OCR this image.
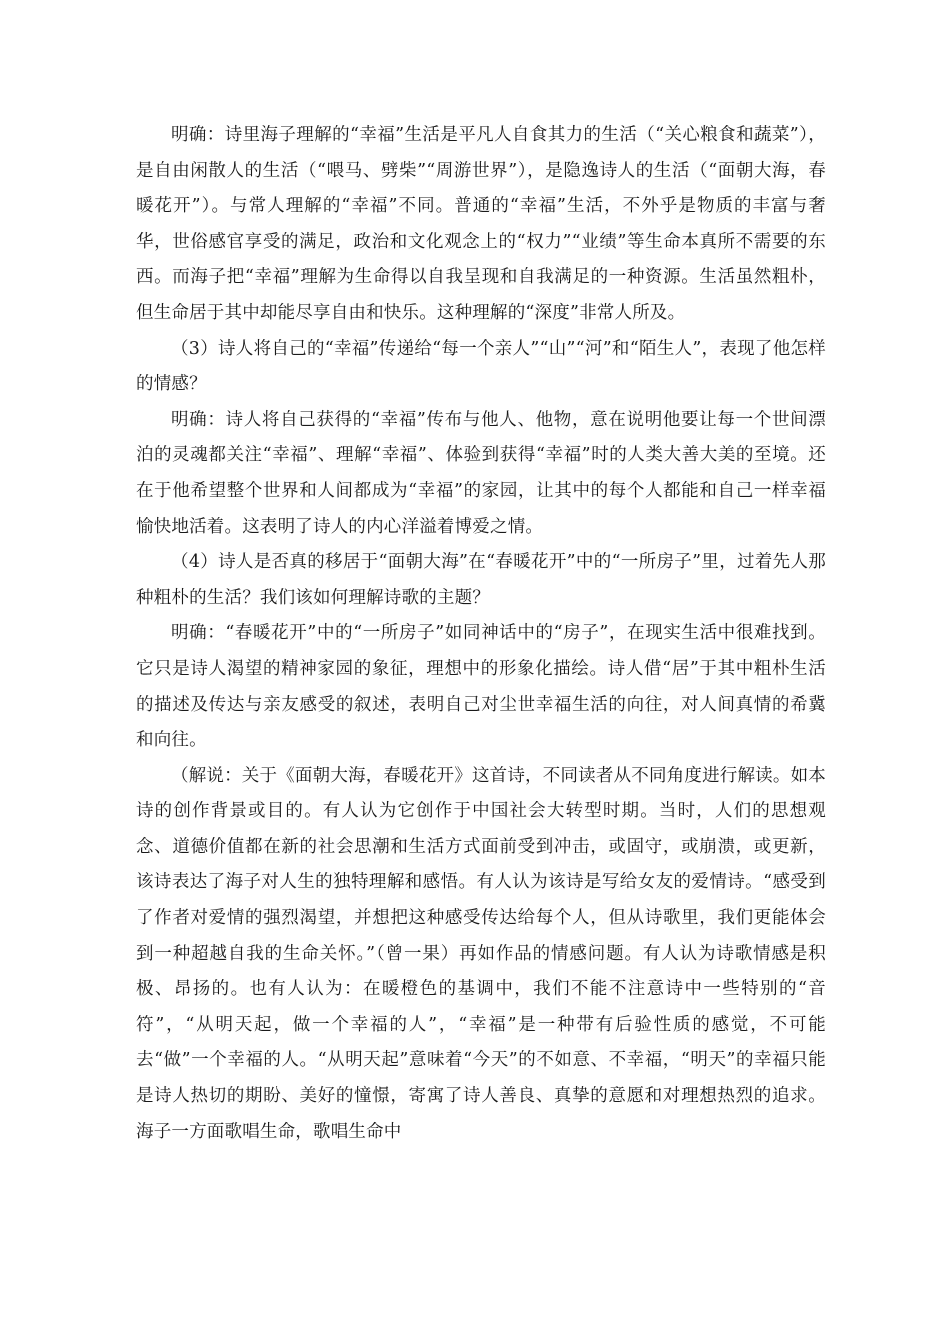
明确：诗里海子理解的“幸福”生活是平凡人自食其力的生活（“关心粮食和蔬菜”），是自由闲散人的生活（“喂马、劈柴”“周游世界”），是隐逸诗人的生活（“面朝大海，春暖花开”）。与常人理解的“幸福”不同。普通的“幸福”生活，不外乎是物质的丰富与奢华，世俗感官享受的满足，政治和文化观念上的“权力”“业绩”等生命本真所不需要的东西。而海子把“幸福”理解为生命得以自我呈现和自我满足的一种资源。生活虽然粗朴，但生命居于其中却能尽享自由和快乐。这种理解的“深度”非常人所及。

（3）诗人将自己的“幸福”传递给“每一个亲人”“山”“河”和“陌生人”，表现了他怎样的情感？

明确：诗人将自己获得的“幸福”传布与他人、他物，意在说明他要让每一个世间漂泊的灵魂都关注“幸福”、理解“幸福”、体验到获得“幸福”时的人类大善大美的至境。还在于他希望整个世界和人间都成为“幸福”的家园，让其中的每个人都能和自己一样幸福愉快地活着。这表明了诗人的内心洋溢着博爱之情。

（4）诗人是否真的移居于“面朝大海”在“春暖花开”中的“一所房子”里，过着先人那种粗朴的生活？我们该如何理解诗歌的主题？

明确：“春暖花开”中的“一所房子”如同神话中的“房子”，在现实生活中很难找到。它只是诗人渴望的精神家园的象征，理想中的形象化描绘。诗人借“居”于其中粗朴生活的描述及传达与亲友感受的叙述，表明自己对尘世幸福生活的向往，对人间真情的希冀和向往。

（解说：关于《面朝大海，春暖花开》这首诗，不同读者从不同角度进行解读。如本诗的创作背景或目的。有人认为它创作于中国社会大转型时期。当时，人们的思想观念、道德价值都在新的社会思潮和生活方式面前受到冲击，或固守，或崩溃，或更新，该诗表达了海子对人生的独特理解和感悟。有人认为该诗是写给女友的爱情诗。“感受到了作者对爱情的强烈渴望，并想把这种感受传达给每个人，但从诗歌里，我们更能体会到一种超越自我的生命关怀。”（曾一果）再如作品的情感问题。有人认为诗歌情感是积极、昂扬的。也有人认为：在暖橙色的基调中，我们不能不注意诗中一些特别的“音符”，“从明天起，做一个幸福的人”，“幸福”是一种带有后验性质的感觉，不可能去“做”一个幸福的人。“从明天起”意味着“今天”的不如意、不幸福，“明天”的幸福只能是诗人热切的期盼、美好的憧憬，寄寓了诗人善良、真挚的意愿和对理想热烈的追求。海子一方面歌唱生命，歌唱生命中
